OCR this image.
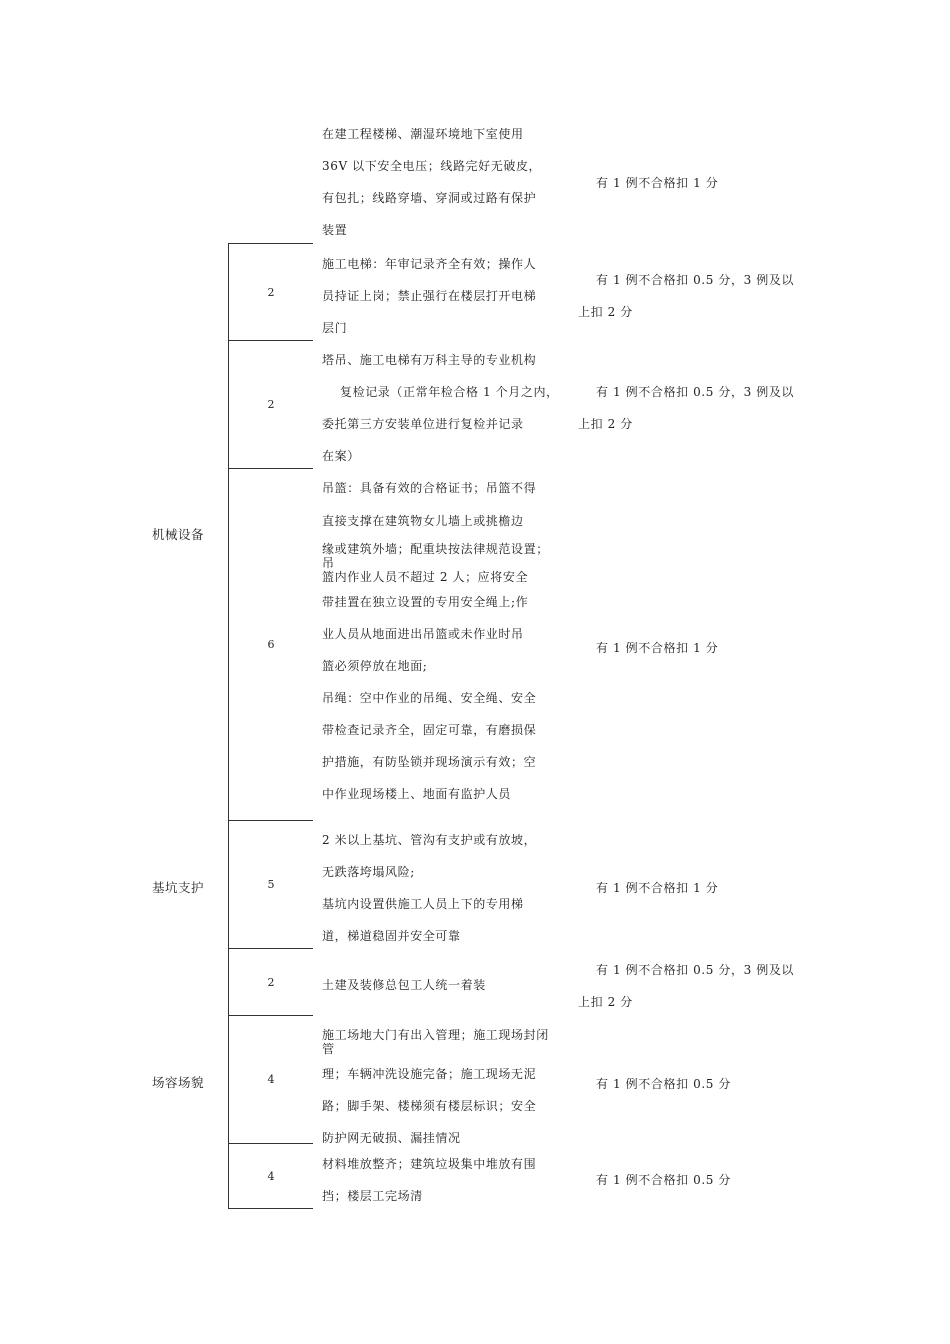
机械设备
基坑支护
场容场貌
在建工程楼梯、潮湿环境地下室使用
36V 以下安全电压；线路完好无破皮，
有包扎；线路穿墙、穿洞或过路有保护
装置
有 1 例不合格扣 1 分
2
施工电梯：年审记录齐全有效；操作人
员持证上岗；禁止强行在楼层打开电梯
层门
有 1 例不合格扣 0.5 分，3 例及以
上扣 2 分
2
塔吊、施工电梯有万科主导的专业机构
复检记录（正常年检合格 1 个月之内，
委托第三方安装单位进行复检并记录
在案）
有 1 例不合格扣 0.5 分，3 例及以
上扣 2 分
6
吊篮：具备有效的合格证书；吊篮不得
直接支撑在建筑物女儿墙上或挑檐边
缘或建筑外墙；配重块按法律规范设置；
吊
篮内作业人员不超过 2 人；应将安全
带挂置在独立设置的专用安全绳上;作
业人员从地面进出吊篮或未作业时吊
篮必须停放在地面;
吊绳：空中作业的吊绳、安全绳、安全
带检查记录齐全，固定可靠，有磨损保
护措施，有防坠锁并现场演示有效；空
中作业现场楼上、地面有监护人员
有 1 例不合格扣 1 分
5
2 米以上基坑、管沟有支护或有放坡，
无跌落垮塌风险;
基坑内设置供施工人员上下的专用梯
道，梯道稳固并安全可靠
有 1 例不合格扣 1 分
2	土建及装修总包工人统一着装
有 1 例不合格扣 0.5 分，3 例及以
上扣 2 分
4
施工场地大门有出入管理；施工现场封闭
管
理；车辆冲洗设施完备；施工现场无泥
路；脚手架、楼梯须有楼层标识；安全
防护网无破损、漏挂情况
有 1 例不合格扣 0.5 分
4
材料堆放整齐；建筑垃圾集中堆放有围
挡；楼层工完场清
有 1 例不合格扣 0.5 分
